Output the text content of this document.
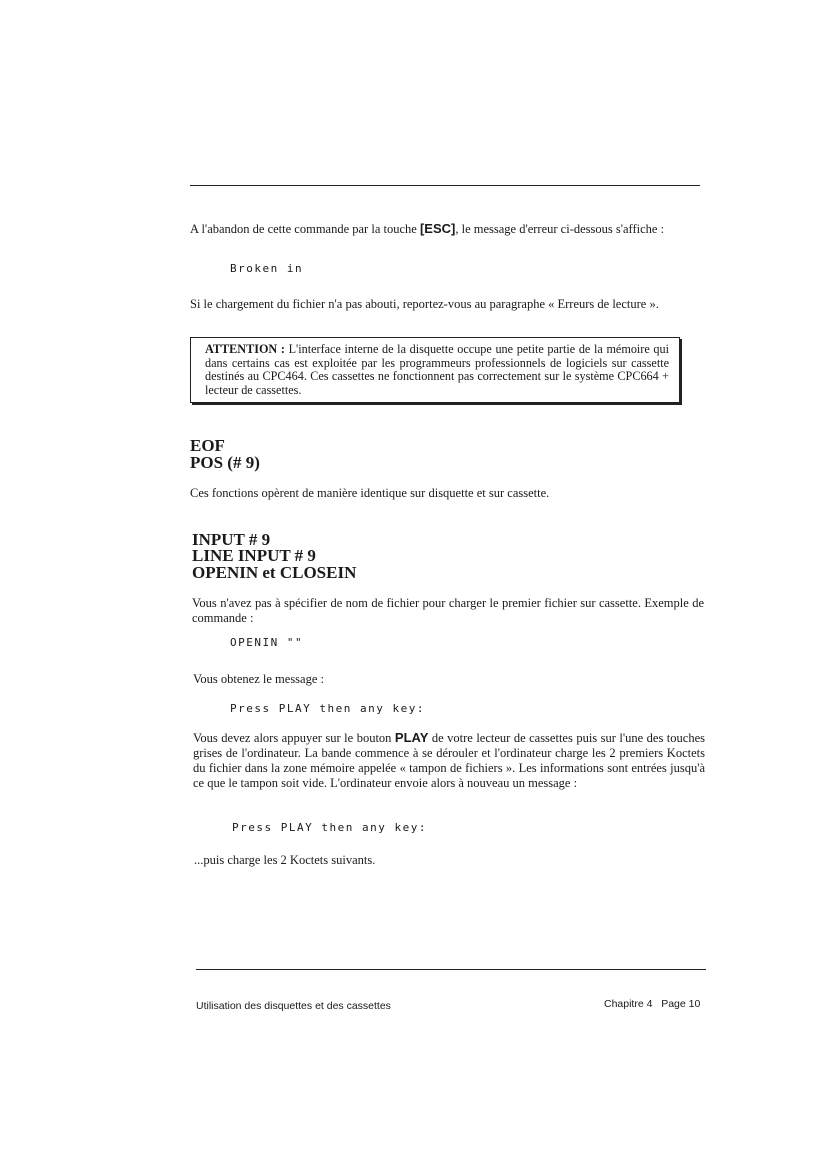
A l'abandon de cette commande par la touche [ESC], le message d'erreur ci-dessous s'affiche :

Broken in

Si le chargement du fichier n'a pas abouti, reportez-vous au paragraphe « Erreurs de lecture ».

ATTENTION : L'interface interne de la disquette occupe une petite partie de la mémoire qui dans certains cas est exploitée par les programmeurs professionnels de logiciels sur cassette destinés au CPC464. Ces cassettes ne fonctionnent pas correctement sur le système CPC664 + lecteur de cassettes.

EOF
POS (# 9)

Ces fonctions opèrent de manière identique sur disquette et sur cassette.

INPUT # 9
LINE INPUT # 9
OPENIN et CLOSEIN

Vous n'avez pas à spécifier de nom de fichier pour charger le premier fichier sur cassette. Exemple de commande :

OPENIN ""

Vous obtenez le message :

Press PLAY then any key:

Vous devez alors appuyer sur le bouton PLAY de votre lecteur de cassettes puis sur l'une des touches grises de l'ordinateur. La bande commence à se dérouler et l'ordinateur charge les 2 premiers Koctets du fichier dans la zone mémoire appelée « tampon de fichiers ». Les informations sont entrées jusqu'à ce que le tampon soit vide. L'ordinateur envoie alors à nouveau un message :

Press PLAY then any key:

...puis charge les 2 Koctets suivants.

Utilisation des disquettes et des cassettes	Chapitre 4   Page 10
